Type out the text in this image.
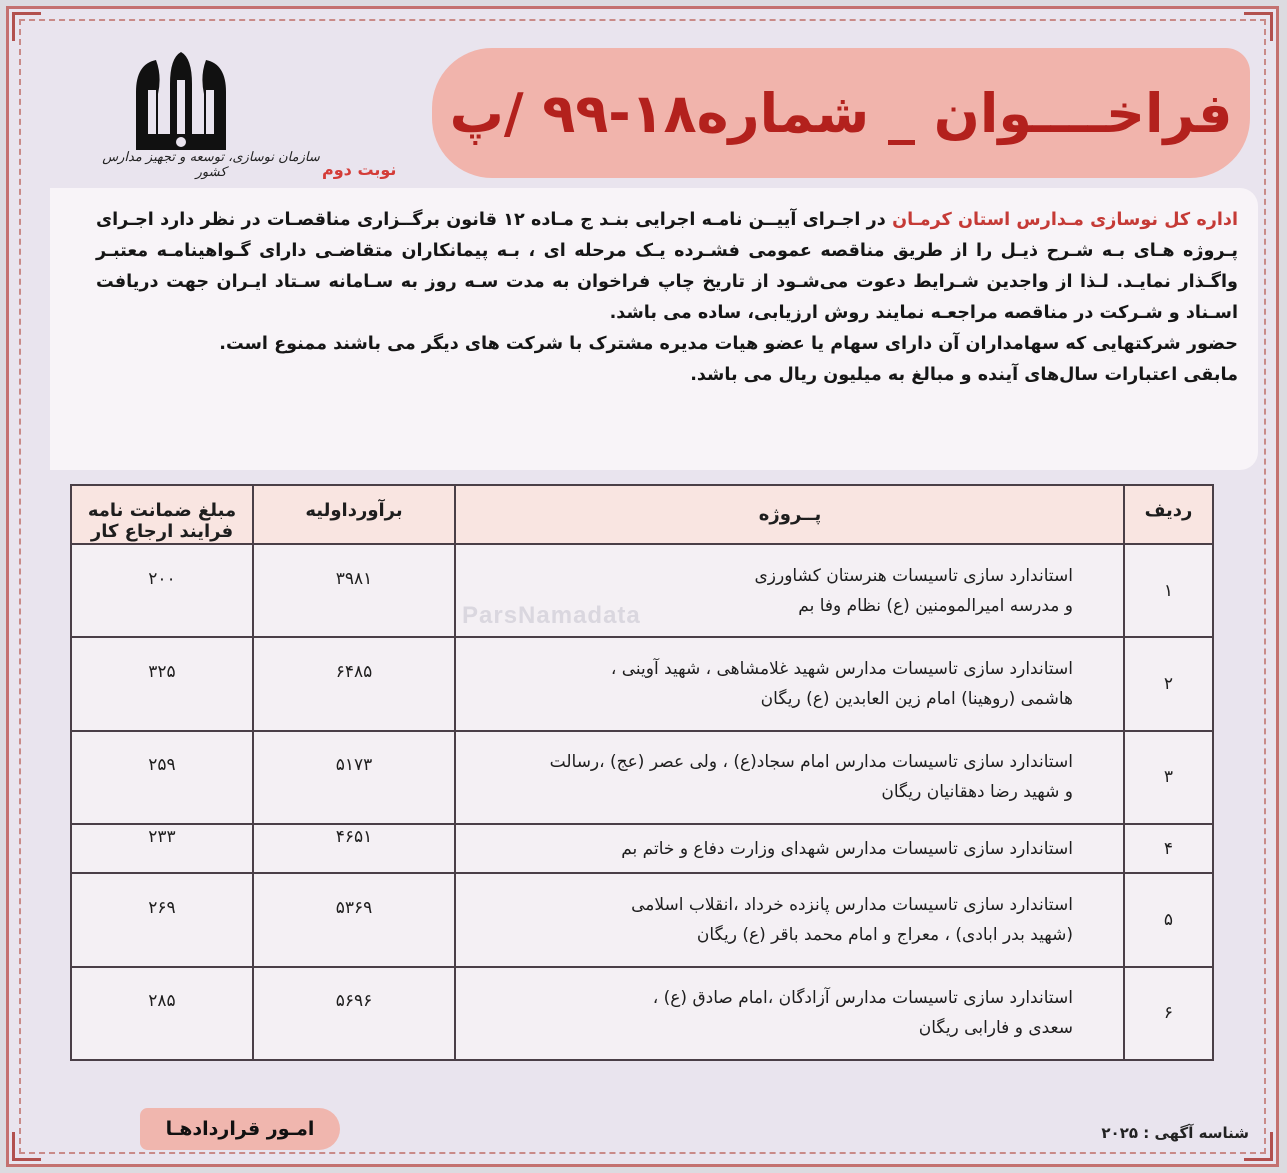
فراخــــوان _ شماره۱۸-۹۹ /پ
نوبت دوم
سازمان نوسازی، توسعه و تجهیز مدارس کشور

اداره کل نوسازی مـدارس استان کرمـان در اجـرای آییــن نامـه اجرایی بنـد ج مـاده ۱۲ قانون برگــزاری مناقصـات در نظر دارد اجـرای پـروژه هـای بـه شـرح ذیـل را از طریق مناقصه عمومی فشـرده یـک مرحله ای ، بـه پیمانکاران متقاضـی دارای گـواهینامـه معتبـر واگـذار نمایـد. لـذا از واجدین شـرایط دعوت می‌شـود از تاریخ چاپ فراخوان به مدت سـه روز به سـامانه سـتاد ایـران جهت دریافت اسـناد و شـرکت در مناقصه مراجعـه نمایند روش ارزیابی، ساده می باشد.

حضور شرکتهایی که سهامداران آن دارای سهام یا عضو هیات مدیره مشترک با شرکت های دیگر می باشند ممنوع است.

مابقی اعتبارات سال‌های آینده و مبالغ به میلیون ریال می باشد.

ردیف	پــروژه	برآورداولیه	مبلغ ضمانت نامه فرایند ارجاع کار
۱	استاندارد سازی تاسیسات هنرستان کشاورزی
و مدرسه امیرالمومنین (ع) نظام وفا بم	۳۹۸۱	۲۰۰
۲	استاندارد سازی تاسیسات مدارس شهید غلامشاهی ، شهید آوینی ،
هاشمی (روهینا) امام زین العابدین (ع) ریگان	۶۴۸۵	۳۲۵
۳	استاندارد سازی تاسیسات مدارس امام سجاد(ع) ، ولی عصر (عج) ،رسالت
و شهید رضا دهقانیان ریگان	۵۱۷۳	۲۵۹
۴	استاندارد سازی تاسیسات مدارس شهدای وزارت دفاع و خاتم بم	۴۶۵۱	۲۳۳
۵	استاندارد سازی تاسیسات مدارس پانزده خرداد ،انقلاب اسلامی
(شهید بدر ابادی) ، معراج و امام محمد باقر (ع) ریگان	۵۳۶۹	۲۶۹
۶	استاندارد سازی تاسیسات مدارس آزادگان ،امام صادق (ع) ،
سعدی و فارابی ریگان	۵۶۹۶	۲۸۵
ParsNamadata
شناسه آگهی : ۲۰۲۵
امـور قراردادهـا
